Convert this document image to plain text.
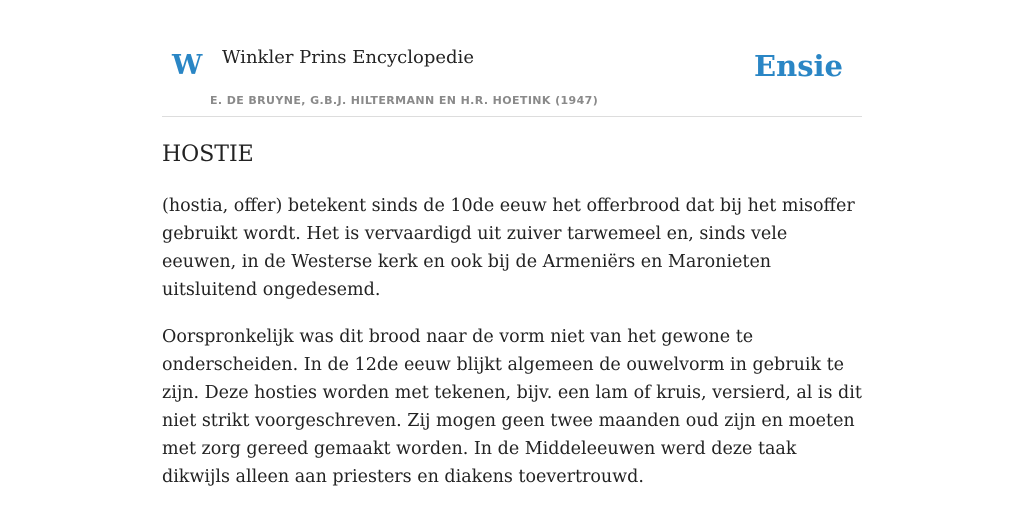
W Winkler Prins Encyclopedie
E. DE BRUYNE, G.B.J. HILTERMANN EN H.R. HOETINK (1947)
Ensie
HOSTIE

(hostia, offer) betekent sinds de 10de eeuw het offerbrood dat bij het misoffer gebruikt wordt. Het is vervaardigd uit zuiver tarwemeel en, sinds vele eeuwen, in de Westerse kerk en ook bij de Armeniërs en Maronieten uitsluitend ongedesemd.

Oorspronkelijk was dit brood naar de vorm niet van het gewone te onderscheiden. In de 12de eeuw blijkt algemeen de ouwelvorm in gebruik te zijn. Deze hosties worden met tekenen, bijv. een lam of kruis, versierd, al is dit niet strikt voorgeschreven. Zij mogen geen twee maanden oud zijn en moeten met zorg gereed gemaakt worden. In de Middeleeuwen werd deze taak dikwijls alleen aan priesters en diakens toevertrouwd.
